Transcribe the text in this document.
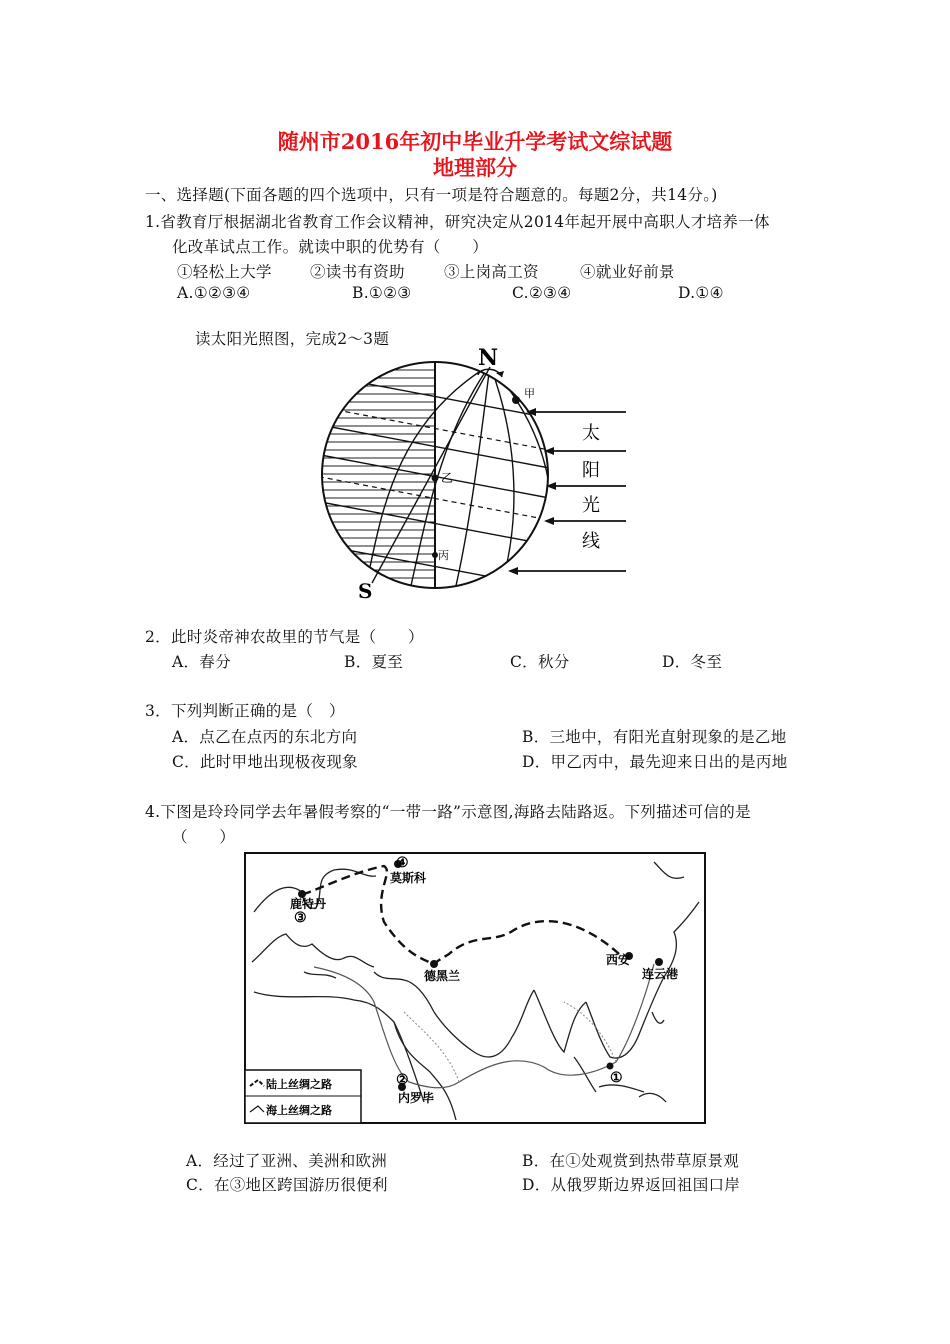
随州市2016年初中毕业升学考试文综试题
地理部分
一、选择题(下面各题的四个选项中，只有一项是符合题意的。每题2分，共14分。)
1.省教育厅根据湖北省教育工作会议精神，研究决定从2014年起开展中高职人才培养一体
化改革试点工作。就读中职的优势有（　　）
①轻松上大学 ②读书有资助	③上岗高工资	④就业好前景
A.①②③④	B.①②③	C.②③④	D.①④
读太阳光照图，完成2～3题
N
S
甲
乙
丙
太
阳
光
线
2．此时炎帝神农故里的节气是（　　）
A．春分	B．夏至	C．秋分	D．冬至
3．下列判断正确的是（　）
A．点乙在点丙的东北方向	B．三地中，有阳光直射现象的是乙地
C．此时甲地出现极夜现象	D．甲乙丙中，最先迎来日出的是丙地
4.下图是玲玲同学去年暑假考察的“一带一路”示意图,海路去陆路返。下列描述可信的是
（　　）
莫斯科
④
鹿特丹
③
德黑兰
西安
连云港
内罗毕
②	①
陆上丝绸之路
海上丝绸之路
A．经过了亚洲、美洲和欧洲	B．在①处观赏到热带草原景观
C．在③地区跨国游历很便利	D．从俄罗斯边界返回祖国口岸
